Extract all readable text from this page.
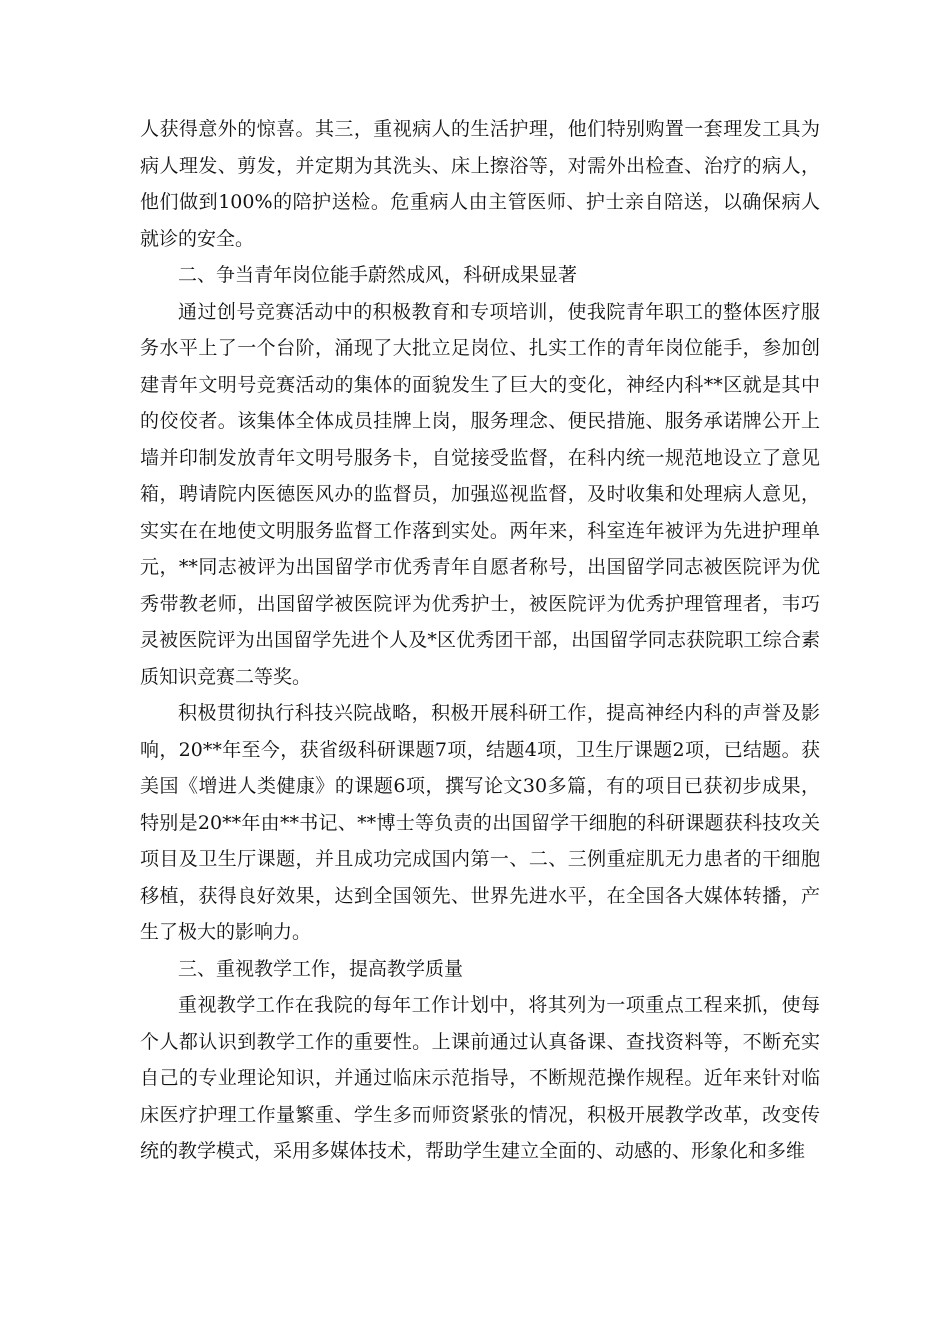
人获得意外的惊喜。其三，重视病人的生活护理，他们特别购置一套理发工具为病人理发、剪发，并定期为其洗头、床上擦浴等，对需外出检查、治疗的病人，他们做到100%的陪护送检。危重病人由主管医师、护士亲自陪送，以确保病人就诊的安全。

二、争当青年岗位能手蔚然成风，科研成果显著

通过创号竞赛活动中的积极教育和专项培训，使我院青年职工的整体医疗服务水平上了一个台阶，涌现了大批立足岗位、扎实工作的青年岗位能手，参加创建青年文明号竞赛活动的集体的面貌发生了巨大的变化，神经内科**区就是其中的佼佼者。该集体全体成员挂牌上岗，服务理念、便民措施、服务承诺牌公开上墙并印制发放青年文明号服务卡，自觉接受监督，在科内统一规范地设立了意见箱，聘请院内医德医风办的监督员，加强巡视监督，及时收集和处理病人意见，实实在在地使文明服务监督工作落到实处。两年来，科室连年被评为先进护理单元，**同志被评为出国留学市优秀青年自愿者称号，出国留学同志被医院评为优秀带教老师，出国留学被医院评为优秀护士，被医院评为优秀护理管理者，韦巧灵被医院评为出国留学先进个人及*区优秀团干部，出国留学同志获院职工综合素质知识竞赛二等奖。

积极贯彻执行科技兴院战略，积极开展科研工作，提高神经内科的声誉及影响，20**年至今，获省级科研课题7项，结题4项，卫生厅课题2项，已结题。获美国《增进人类健康》的课题6项，撰写论文30多篇，有的项目已获初步成果，特别是20**年由**书记、**博士等负责的出国留学干细胞的科研课题获科技攻关项目及卫生厅课题，并且成功完成国内第一、二、三例重症肌无力患者的干细胞移植，获得良好效果，达到全国领先、世界先进水平，在全国各大媒体转播，产生了极大的影响力。

三、重视教学工作，提高教学质量

重视教学工作在我院的每年工作计划中，将其列为一项重点工程来抓，使每个人都认识到教学工作的重要性。上课前通过认真备课、查找资料等，不断充实自己的专业理论知识，并通过临床示范指导，不断规范操作规程。近年来针对临床医疗护理工作量繁重、学生多而师资紧张的情况，积极开展教学改革，改变传统的教学模式，采用多媒体技术，帮助学生建立全面的、动感的、形象化和多维
